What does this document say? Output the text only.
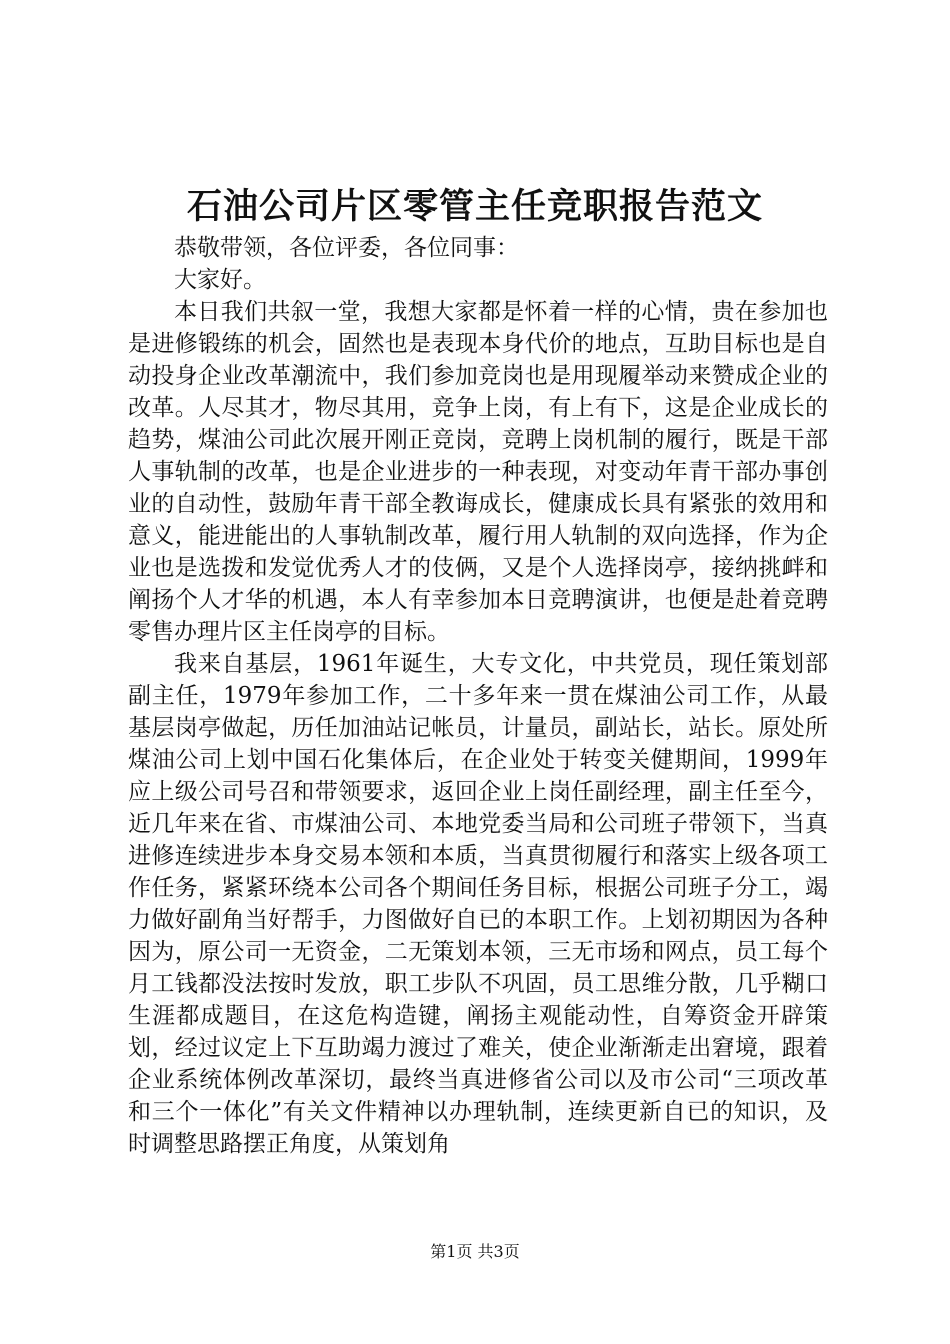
石油公司片区零管主任竞职报告范文

恭敬带领，各位评委，各位同事：

大家好。

本日我们共叙一堂，我想大家都是怀着一样的心情，贵在参加也是进修锻练的机会，固然也是表现本身代价的地点，互助目标也是自动投身企业改革潮流中，我们参加竞岗也是用现履举动来赞成企业的改革。人尽其才，物尽其用，竞争上岗，有上有下，这是企业成长的趋势，煤油公司此次展开刚正竞岗，竞聘上岗机制的履行，既是干部人事轨制的改革，也是企业进步的一种表现，对变动年青干部办事创业的自动性，鼓励年青干部全教诲成长，健康成长具有紧张的效用和意义，能进能出的人事轨制改革，履行用人轨制的双向选择，作为企业也是选拨和发觉优秀人才的伎俩，又是个人选择岗亭，接纳挑衅和阐扬个人才华的机遇，本人有幸参加本日竞聘演讲，也便是赴着竞聘零售办理片区主任岗亭的目标。

我来自基层，1961年诞生，大专文化，中共党员，现任策划部副主任，1979年参加工作，二十多年来一贯在煤油公司工作，从最基层岗亭做起，历任加油站记帐员，计量员，副站长，站长。原处所煤油公司上划中国石化集体后，在企业处于转变关健期间，1999年应上级公司号召和带领要求，返回企业上岗任副经理，副主任至今，近几年来在省、市煤油公司、本地党委当局和公司班子带领下，当真进修连续进步本身交易本领和本质，当真贯彻履行和落实上级各项工作任务，紧紧环绕本公司各个期间任务目标，根据公司班子分工，竭力做好副角当好帮手，力图做好自已的本职工作。上划初期因为各种因为，原公司一无资金，二无策划本领，三无市场和网点，员工每个月工钱都没法按时发放，职工步队不巩固，员工思维分散，几乎糊口生涯都成题目，在这危构造键，阐扬主观能动性，自筹资金开辟策划，经过议定上下互助竭力渡过了难关，使企业渐渐走出窘境，跟着企业系统体例改革深切，最终当真进修省公司以及市公司“三项改革和三个一体化”有关文件精神以办理轨制，连续更新自已的知识，及时调整思路摆正角度，从策划角

第1页 共3页
